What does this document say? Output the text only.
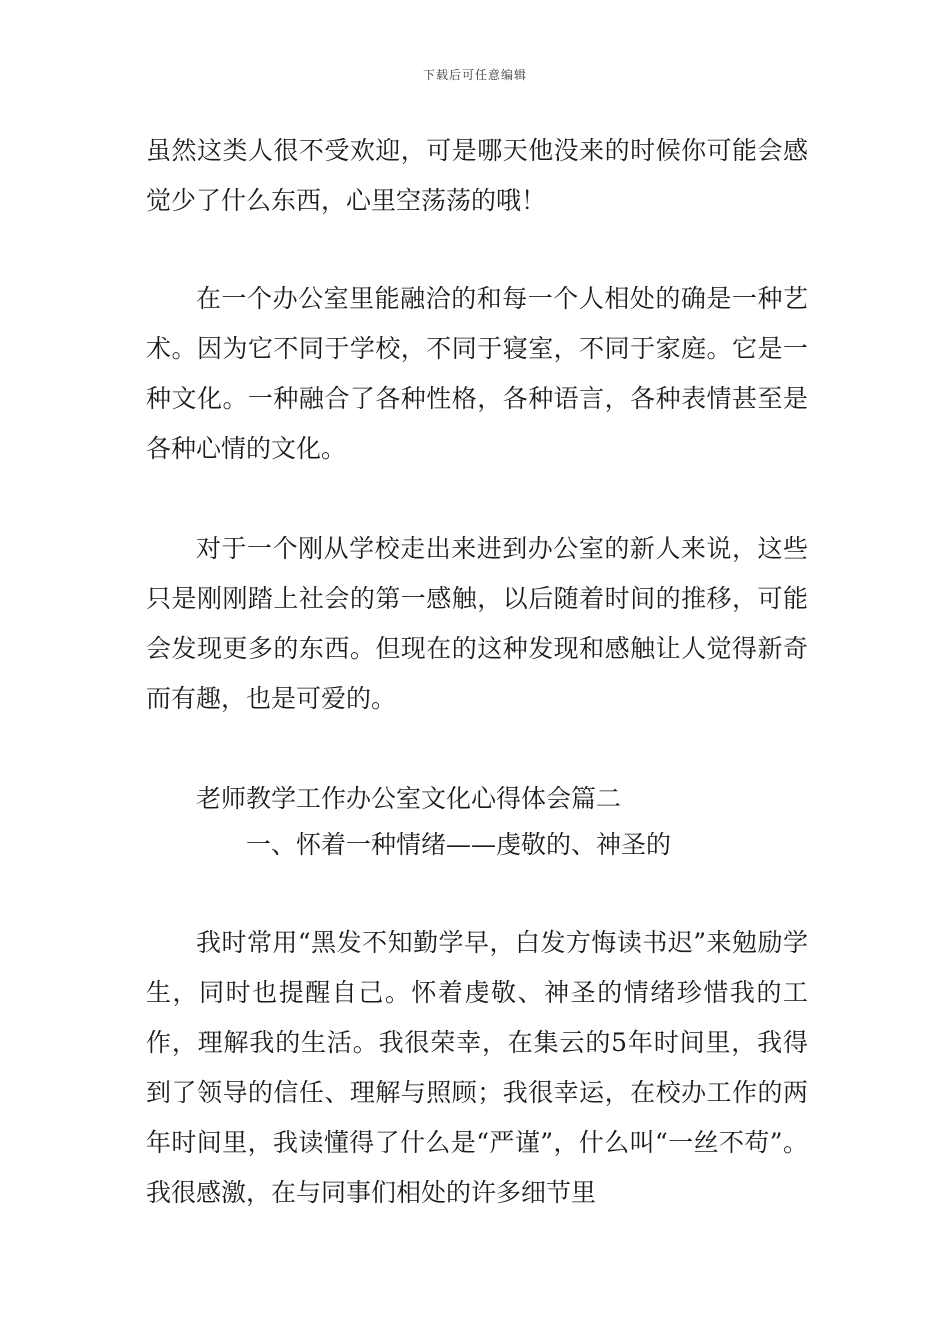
下载后可任意编辑

虽然这类人很不受欢迎，可是哪天他没来的时候你可能会感觉少了什么东西，心里空荡荡的哦！

在一个办公室里能融洽的和每一个人相处的确是一种艺术。因为它不同于学校，不同于寝室，不同于家庭。它是一种文化。一种融合了各种性格，各种语言，各种表情甚至是各种心情的文化。

对于一个刚从学校走出来进到办公室的新人来说，这些只是刚刚踏上社会的第一感触，以后随着时间的推移，可能会发现更多的东西。但现在的这种发现和感触让人觉得新奇而有趣，也是可爱的。

老师教学工作办公室文化心得体会篇二

一、怀着一种情绪——虔敬的、神圣的

我时常用“黑发不知勤学早，白发方悔读书迟”来勉励学生，同时也提醒自己。怀着虔敬、神圣的情绪珍惜我的工作，理解我的生活。我很荣幸，在集云的5年时间里，我得到了领导的信任、理解与照顾；我很幸运，在校办工作的两年时间里，我读懂得了什么是“严谨”，什么叫“一丝不苟”。我很感激，在与同事们相处的许多细节里
